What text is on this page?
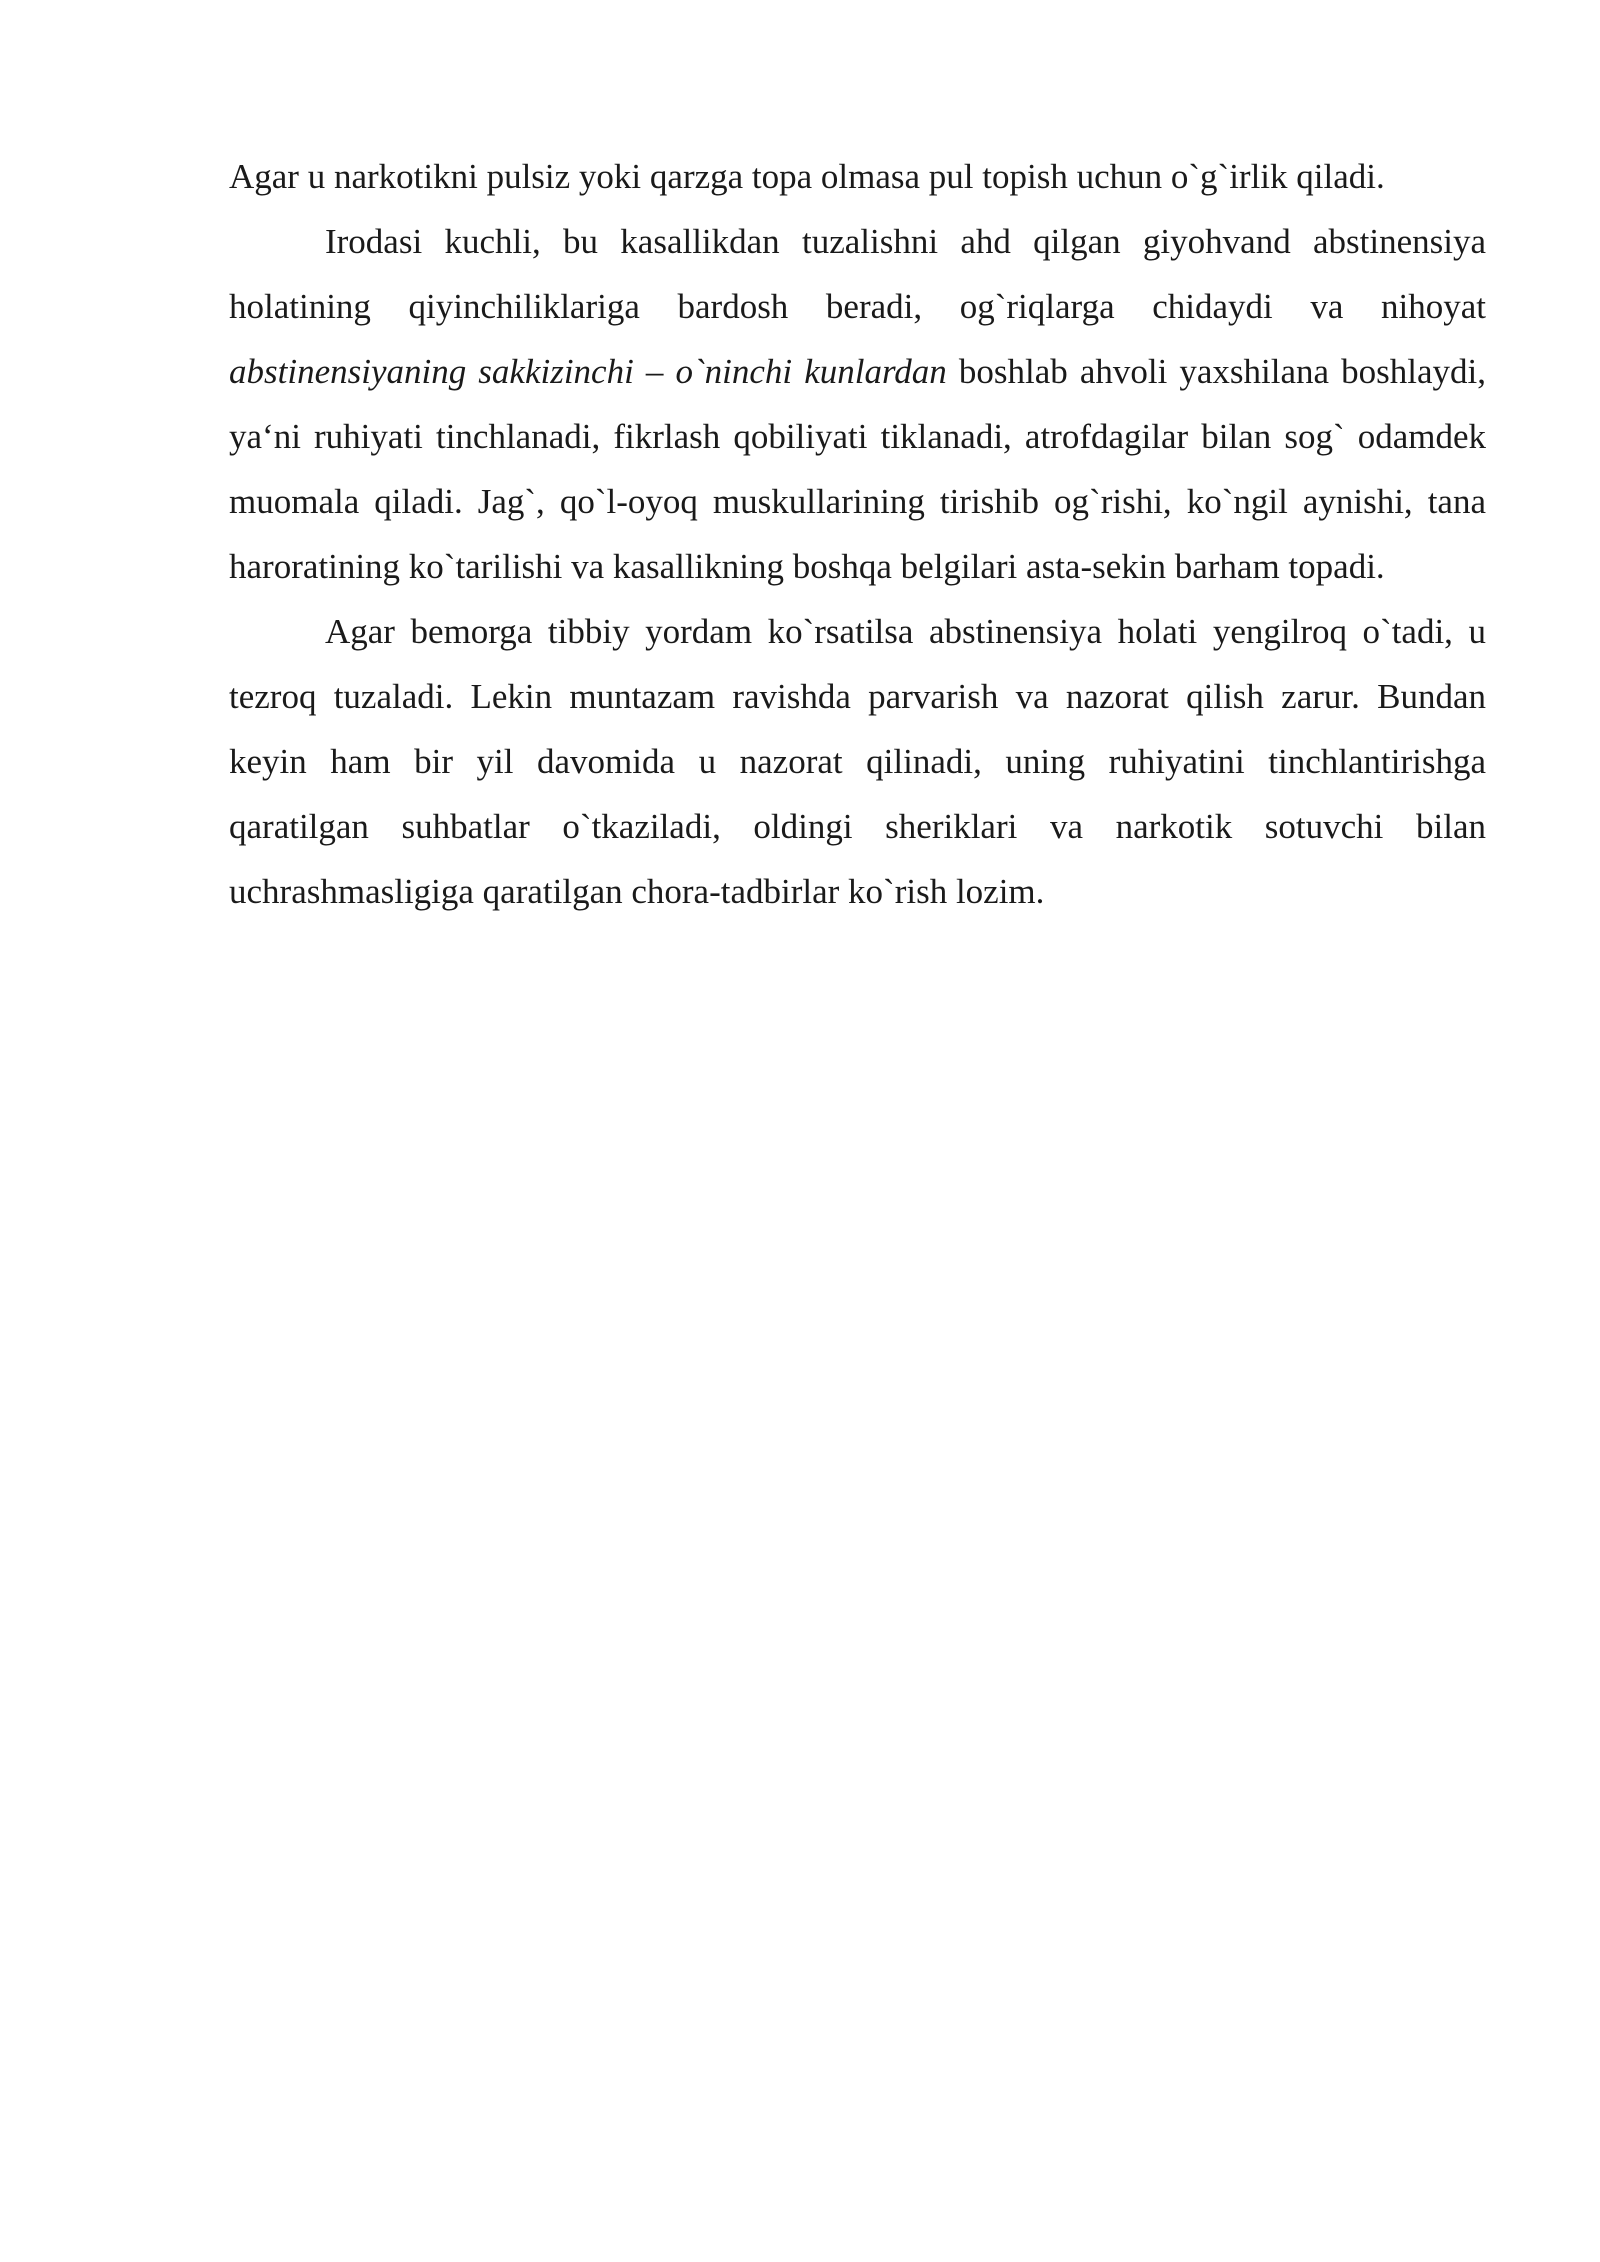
Agar u narkotikni pulsiz yoki qarzga topa olmasa pul topish uchun o`g`irlik qiladi.

Irodasi kuchli, bu kasallikdan tuzalishni ahd qilgan giyohvand abstinensiya holatining qiyinchiliklariga bardosh beradi, og`riqlarga chidaydi va nihoyat abstinensiyaning sakkizinchi – o`ninchi kunlardan boshlab ahvoli yaxshilana boshlaydi, ya‘ni ruhiyati tinchlanadi, fikrlash qobiliyati tiklanadi, atrofdagilar bilan sog` odamdek muomala qiladi. Jag`, qo`l-oyoq muskullarining tirishib og`rishi, ko`ngil aynishi, tana haroratining ko`tarilishi va kasallikning boshqa belgilari asta-sekin barham topadi.

Agar bemorga tibbiy yordam ko`rsatilsa abstinensiya holati yengilroq o`tadi, u tezroq tuzaladi. Lekin muntazam ravishda parvarish va nazorat qilish zarur. Bundan keyin ham bir yil davomida u nazorat qilinadi, uning ruhiyatini tinchlantirishga qaratilgan suhbatlar o`tkaziladi, oldingi sheriklari va narkotik sotuvchi bilan uchrashmasligiga qaratilgan chora-tadbirlar ko`rish lozim.
